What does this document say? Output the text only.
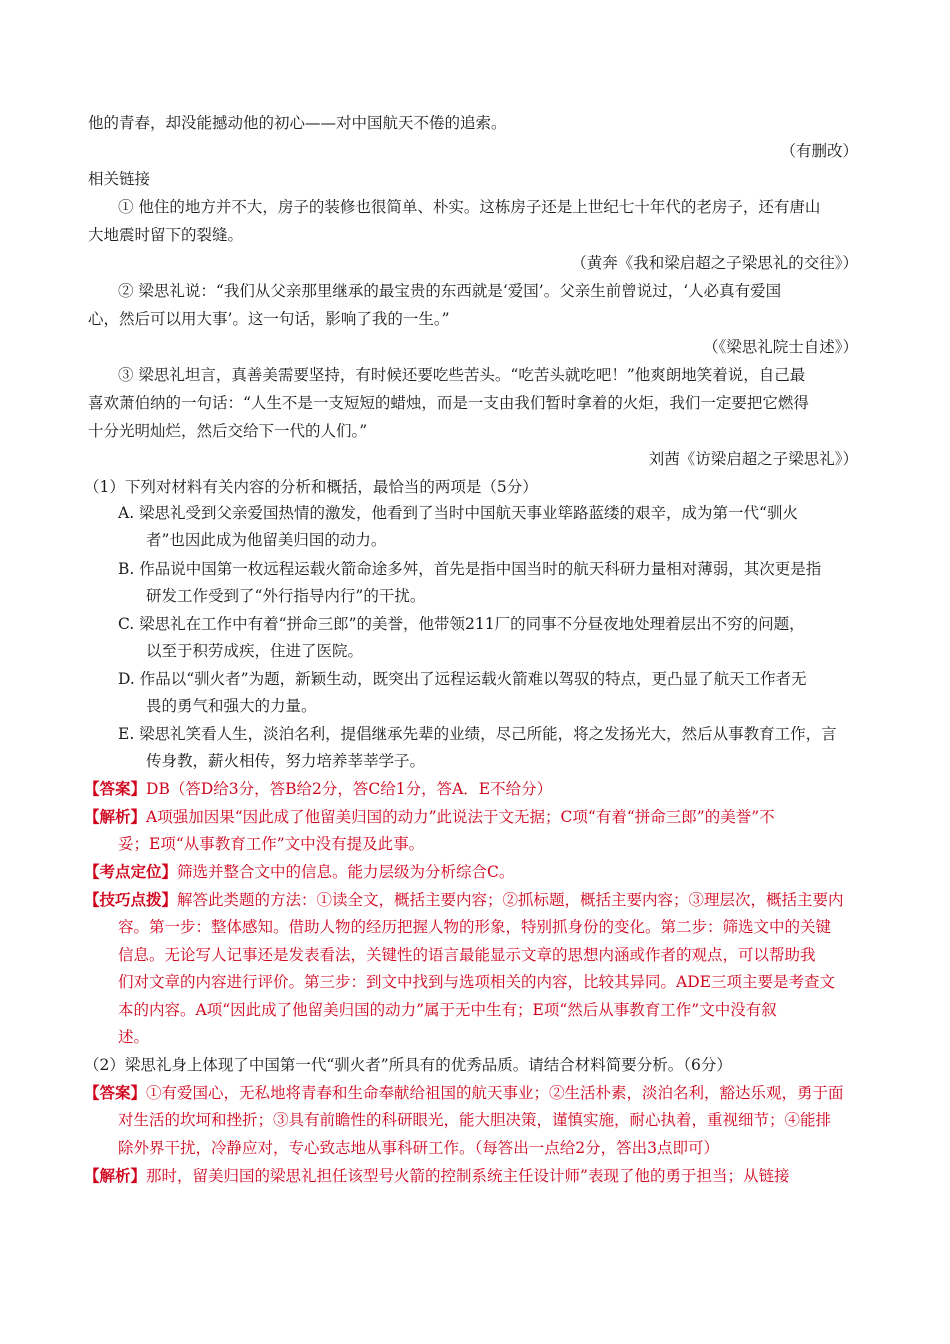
他的青春，却没能撼动他的初心——对中国航天不倦的追索。
（有删改）
相关链接
① 他住的地方并不大，房子的装修也很简单、朴实。这栋房子还是上世纪七十年代的老房子，还有唐山
大地震时留下的裂缝。
（黄奔《我和梁启超之子梁思礼的交往》）
② 梁思礼说：“我们从父亲那里继承的最宝贵的东西就是‘爱国’。父亲生前曾说过，‘人必真有爱国
心，然后可以用大事’。这一句话，影响了我的一生。”
（《梁思礼院士自述》）
③ 梁思礼坦言，真善美需要坚持，有时候还要吃些苦头。“吃苦头就吃吧！”他爽朗地笑着说，自己最
喜欢萧伯纳的一句话：“人生不是一支短短的蜡烛，而是一支由我们暂时拿着的火炬，我们一定要把它燃得
十分光明灿烂，然后交给下一代的人们。”
刘茜《访梁启超之子梁思礼》）
（1）下列对材料有关内容的分析和概括，最恰当的两项是（5分）
A. 梁思礼受到父亲爱国热情的激发，他看到了当时中国航天事业筚路蓝缕的艰辛，成为第一代“驯火
者”也因此成为他留美归国的动力。
B. 作品说中国第一枚远程运载火箭命途多舛，首先是指中国当时的航天科研力量相对薄弱，其次更是指
研发工作受到了“外行指导内行”的干扰。
C. 梁思礼在工作中有着“拼命三郎”的美誉，他带领211厂的同事不分昼夜地处理着层出不穷的问题，
以至于积劳成疾，住进了医院。
D. 作品以“驯火者”为题，新颖生动，既突出了远程运载火箭难以驾驭的特点，更凸显了航天工作者无
畏的勇气和强大的力量。
E. 梁思礼笑看人生，淡泊名利，提倡继承先辈的业绩，尽己所能，将之发扬光大，然后从事教育工作，言
传身教，薪火相传，努力培养莘莘学子。
【答案】DB（答D给3分，答B给2分，答C给1分，答A．E不给分）
【解析】A项强加因果“因此成了他留美归国的动力”此说法于文无据；C项“有着“拼命三郎”的美誉”不
妥；E项“从事教育工作”文中没有提及此事。
【考点定位】筛选并整合文中的信息。能力层级为分析综合C。
【技巧点拨】解答此类题的方法：①读全文，概括主要内容；②抓标题，概括主要内容；③理层次，概括主要内
容。第一步：整体感知。借助人物的经历把握人物的形象，特别抓身份的变化。第二步：筛选文中的关键
信息。无论写人记事还是发表看法，关键性的语言最能显示文章的思想内涵或作者的观点，可以帮助我
们对文章的内容进行评价。第三步：到文中找到与选项相关的内容，比较其异同。ADE三项主要是考查文
本的内容。A项“因此成了他留美归国的动力”属于无中生有；E项“然后从事教育工作”文中没有叙
述。
（2）梁思礼身上体现了中国第一代“驯火者”所具有的优秀品质。请结合材料简要分析。（6分）
【答案】①有爱国心，无私地将青春和生命奉献给祖国的航天事业；②生活朴素，淡泊名利，豁达乐观，勇于面
对生活的坎坷和挫折；③具有前瞻性的科研眼光，能大胆决策，谨慎实施，耐心执着，重视细节；④能排
除外界干扰，冷静应对，专心致志地从事科研工作。（每答出一点给2分，答出3点即可）
【解析】那时，留美归国的梁思礼担任该型号火箭的控制系统主任设计师”表现了他的勇于担当；从链接
